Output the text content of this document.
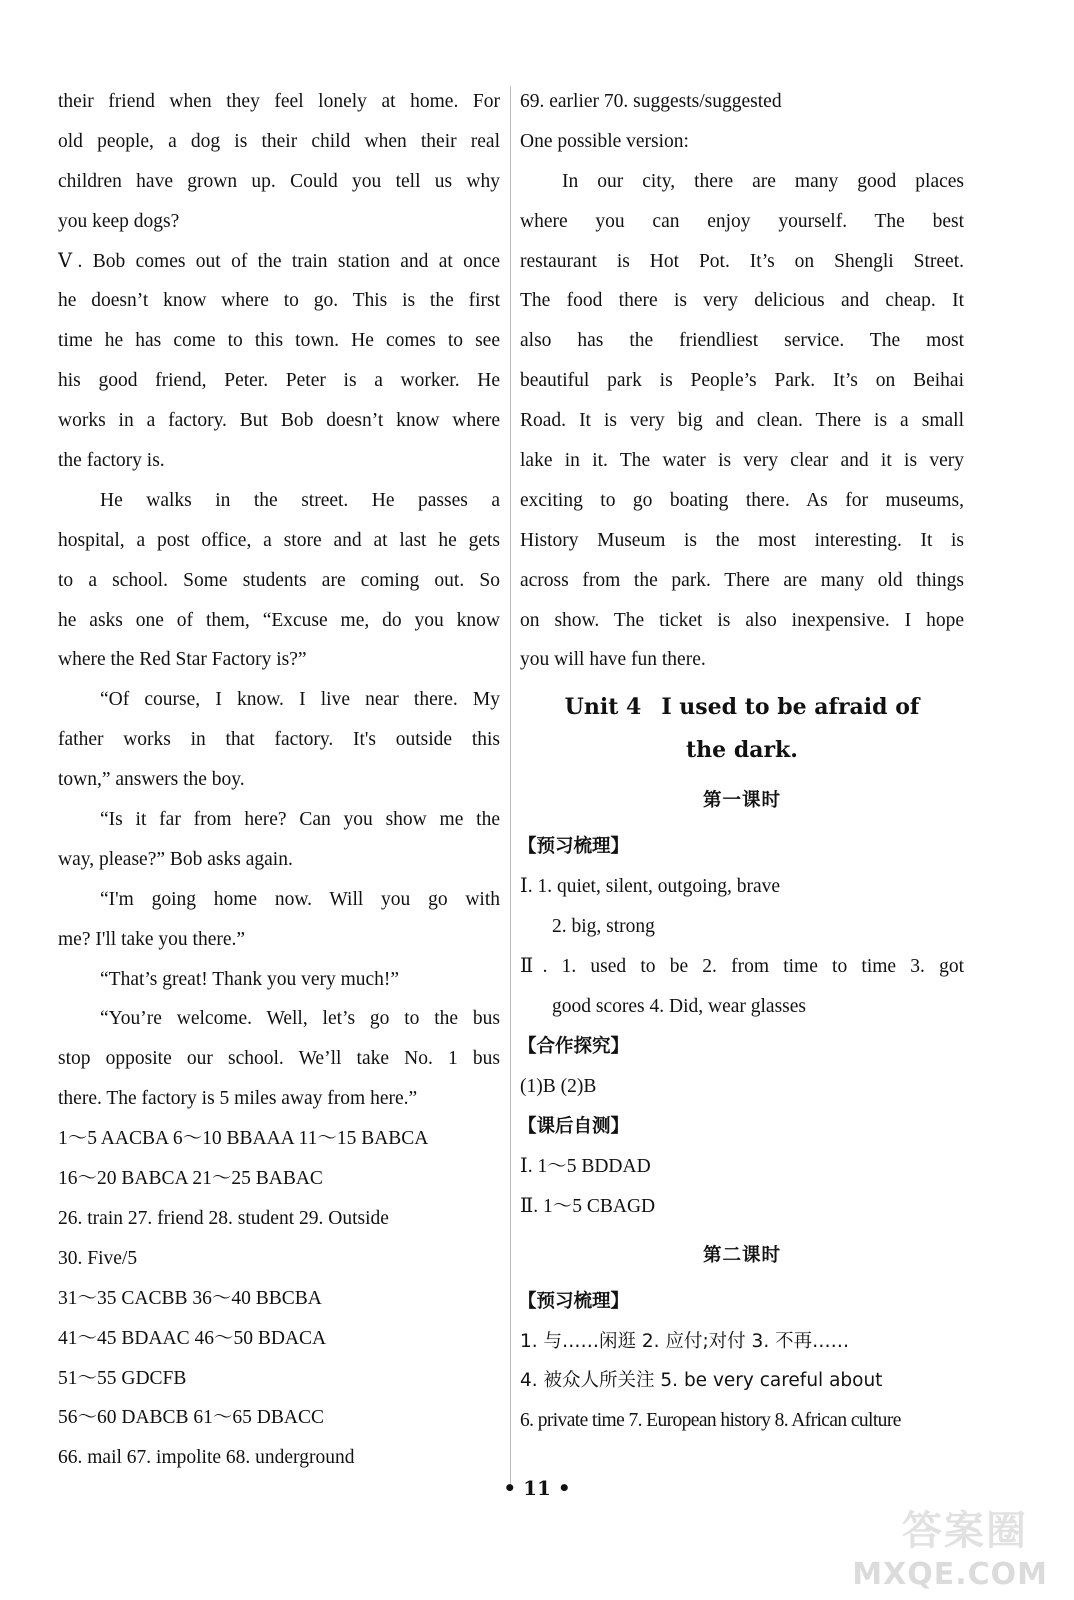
their friend when they feel lonely at home. For
old people, a dog is their child when their real
children have grown up. Could you tell us why
you keep dogs?
Ⅴ. Bob comes out of the train station and at once
he doesn’t know where to go. This is the first
time he has come to this town. He comes to see
his good friend, Peter. Peter is a worker. He
works in a factory. But Bob doesn’t know where
the factory is.
He walks in the street. He passes a
hospital, a post office, a store and at last he gets
to a school. Some students are coming out. So
he asks one of them, “Excuse me, do you know
where the Red Star Factory is?”
“Of course, I know. I live near there. My
father works in that factory. It's outside this
town,” answers the boy.
“Is it far from here? Can you show me the
way, please?” Bob asks again.
“I'm going home now. Will you go with
me? I'll take you there.”
“That’s great! Thank you very much!”
“You’re welcome. Well, let’s go to the bus
stop opposite our school. We’ll take No. 1 bus
there. The factory is 5 miles away from here.”
1～5 AACBA 6～10 BBAAA 11～15 BABCA
16～20 BABCA 21～25 BABAC
26. train 27. friend 28. student 29. Outside
30. Five/5
31～35 CACBB 36～40 BBCBA
41～45 BDAAC 46～50 BDACA
51～55 GDCFB
56～60 DABCB 61～65 DBACC
66. mail 67. impolite 68. underground
69. earlier 70. suggests/suggested
One possible version:
In our city, there are many good places
where you can enjoy yourself. The best
restaurant is Hot Pot. It’s on Shengli Street.
The food there is very delicious and cheap. It
also has the friendliest service. The most
beautiful park is People’s Park. It’s on Beihai
Road. It is very big and clean. There is a small
lake in it. The water is very clear and it is very
exciting to go boating there. As for museums,
History Museum is the most interesting. It is
across from the park. There are many old things
on show. The ticket is also inexpensive. I hope
you will have fun there.
Unit 4 I used to be afraid of
the dark.
第一课时
【预习梳理】
Ⅰ. 1. quiet, silent, outgoing, brave
2. big, strong
Ⅱ. 1. used to be 2. from time to time 3. got
good scores 4. Did, wear glasses
【合作探究】
(1)B (2)B
【课后自测】
Ⅰ. 1～5 BDDAD
Ⅱ. 1～5 CBAGD
第二课时
【预习梳理】
1. 与……闲逛 2. 应付;对付 3. 不再……
4. 被众人所关注 5. be very careful about
6. private time 7. European history 8. African culture
• 11 •
答案圈
MXQE.COM
